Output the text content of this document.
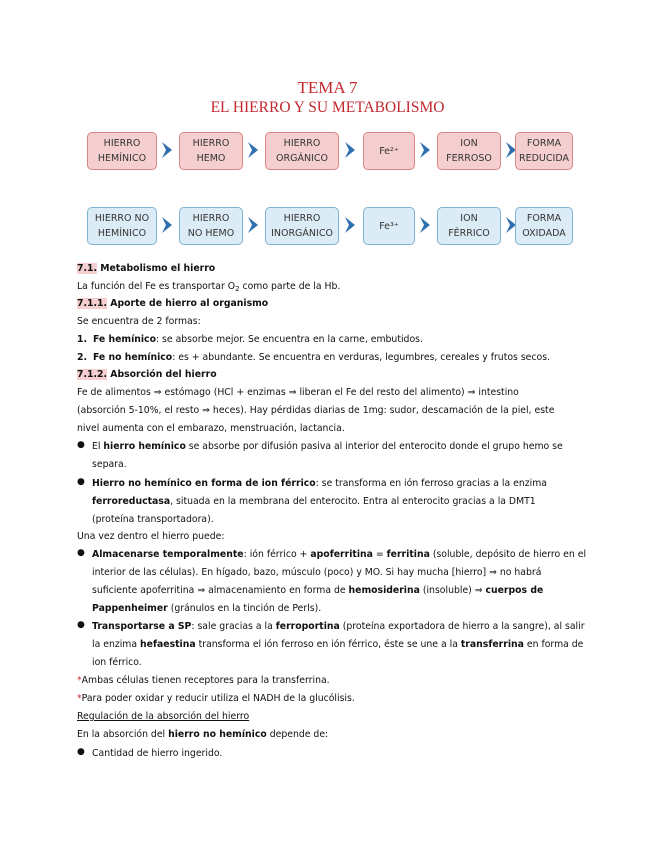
TEMA 7
EL HIERRO Y SU METABOLISMO
HIERRO
HEMÍNICO
HIERRO
HEMO
HIERRO
ORGÁNICO
Fe²⁺
ION
FERROSO
FORMA
REDUCIDA
HIERRO NO
HEMÍNICO
HIERRO
NO HEMO
HIERRO
INORGÁNICO
Fe³⁺
ION
FÉRRICO
FORMA
OXIDADA
7.1. Metabolismo el hierro
La función del Fe es transportar $O_2$ como parte de la Hb.
7.1.1. Aporte de hierro al organismo
Se encuentra de 2 formas:
1. Fe hemínico: se absorbe mejor. Se encuentra en la carne, embutidos.
2. Fe no hemínico: es + abundante. Se encuentra en verduras, legumbres, cereales y frutos secos.
7.1.2. Absorción del hierro
Fe de alimentos ⇒ estómago (HCl + enzimas ⇒ liberan el Fe del resto del alimento) ⇒ intestino
(absorción 5-10%, el resto ⇒ heces). Hay pérdidas diarias de 1mg: sudor, descamación de la piel, este
nivel aumenta con el embarazo, menstruación, lactancia.
● El hierro hemínico se absorbe por difusión pasiva al interior del enterocito donde el grupo hemo se
separa.
● Hierro no hemínico en forma de ion férrico: se transforma en ión ferroso gracias a la enzima
ferroreductasa, situada en la membrana del enterocito. Entra al enterocito gracias a la DMT1
(proteína transportadora).
Una vez dentro el hierro puede:
● Almacenarse temporalmente: ión férrico + apoferritina = ferritina (soluble, depósito de hierro en el
interior de las células). En hígado, bazo, músculo (poco) y MO. Si hay mucha [hierro] ⇒ no habrá
suficiente apoferritina ⇒ almacenamiento en forma de hemosiderina (insoluble) ⇒ cuerpos de
Pappenheimer (gránulos en la tinción de Perls).
● Transportarse a SP: sale gracias a la ferroportina (proteína exportadora de hierro a la sangre), al salir
la enzima hefaestina transforma el ión ferroso en ión férrico, éste se une a la transferrina en forma de
ion férrico.
*Ambas células tienen receptores para la transferrina.
*Para poder oxidar y reducir utiliza el NADH de la glucólisis.
Regulación de la absorción del hierro
En la absorción del hierro no hemínico depende de:
● Cantidad de hierro ingerido.
